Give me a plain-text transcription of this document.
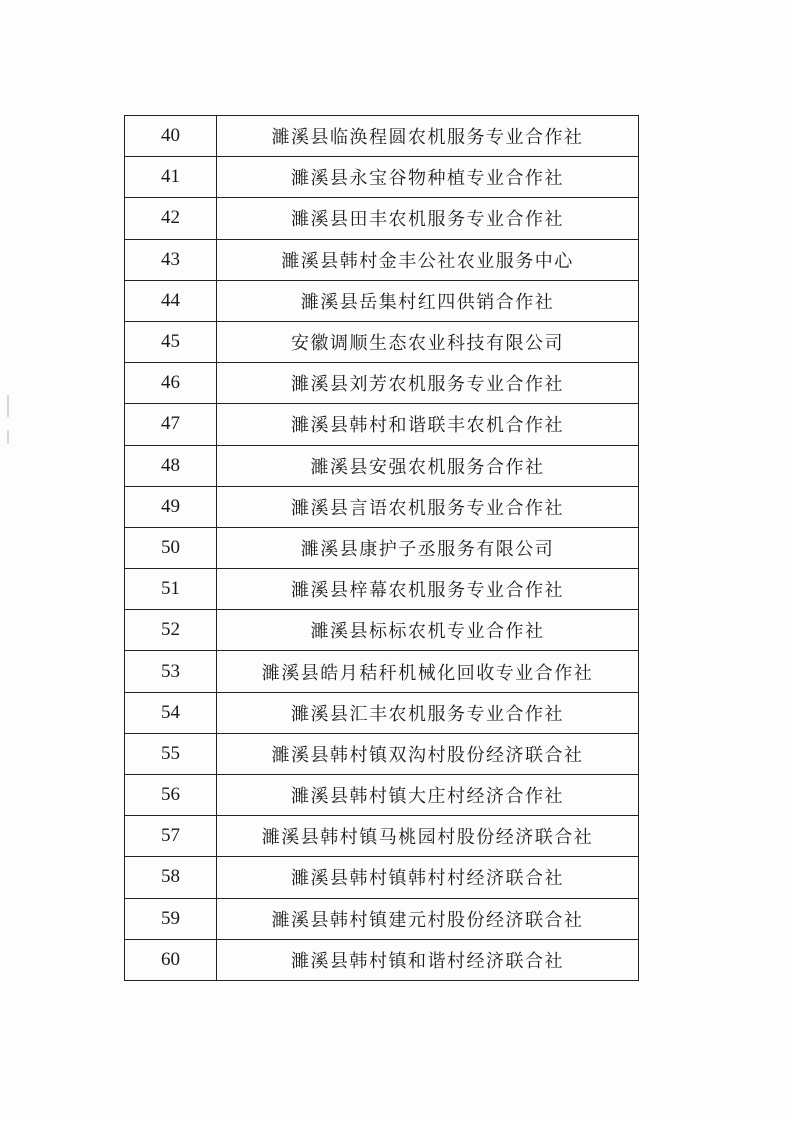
40	濉溪县临涣程圆农机服务专业合作社
41	濉溪县永宝谷物种植专业合作社
42	濉溪县田丰农机服务专业合作社
43	濉溪县韩村金丰公社农业服务中心
44	濉溪县岳集村红四供销合作社
45	安徽调顺生态农业科技有限公司
46	濉溪县刘芳农机服务专业合作社
47	濉溪县韩村和谐联丰农机合作社
48	濉溪县安强农机服务合作社
49	濉溪县言语农机服务专业合作社
50	濉溪县康护子丞服务有限公司
51	濉溪县梓幕农机服务专业合作社
52	濉溪县标标农机专业合作社
53	濉溪县皓月秸秆机械化回收专业合作社
54	濉溪县汇丰农机服务专业合作社
55	濉溪县韩村镇双沟村股份经济联合社
56	濉溪县韩村镇大庄村经济合作社
57	濉溪县韩村镇马桃园村股份经济联合社
58	濉溪县韩村镇韩村村经济联合社
59	濉溪县韩村镇建元村股份经济联合社
60	濉溪县韩村镇和谐村经济联合社
